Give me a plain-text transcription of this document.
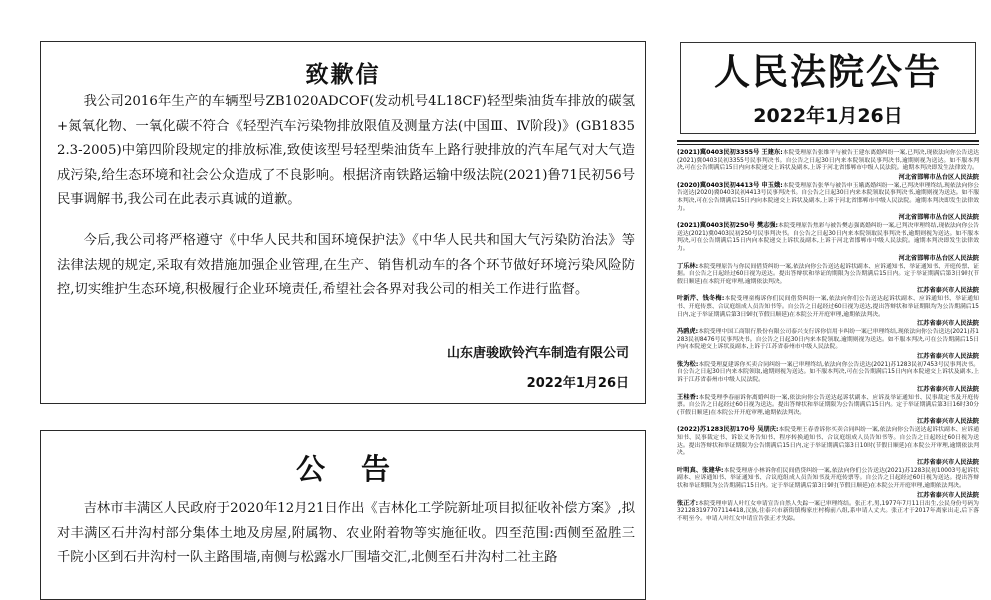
致歉信

我公司2016年生产的车辆型号ZB1020ADCOF(发动机号4L18CF)轻型柴油货车排放的碳氢+氮氧化物、一氧化碳不符合《轻型汽车污染物排放限值及测量方法(中国Ⅲ、Ⅳ阶段)》(GB18352.3-2005)中第四阶段规定的排放标准,致使该型号轻型柴油货车上路行驶排放的汽车尾气对大气造成污染,给生态环境和社会公众造成了不良影响。根据济南铁路运输中级法院(2021)鲁71民初56号民事调解书,我公司在此表示真诚的道歉。

今后,我公司将严格遵守《中华人民共和国环境保护法》《中华人民共和国大气污染防治法》等法律法规的规定,采取有效措施加强企业管理,在生产、销售机动车的各个环节做好环境污染风险防控,切实维护生态环境,积极履行企业环境责任,希望社会各界对我公司的相关工作进行监督。

山东唐骏欧铃汽车制造有限公司
2022年1月26日
公告

吉林市丰满区人民政府于2020年12月21日作出《吉林化工学院新址项目拟征收补偿方案》,拟对丰满区石井沟村部分集体土地及房屋,附属物、农业附着物等实施征收。四至范围:西侧至盈胜三千院小区到石井沟村一队主路围墙,南侧与松露水厂围墙交汇,北侧至石井沟村二社主路

人民法院公告
2022年1月26日
(2021)冀0403民初3355号 王建东:本院受理原告张维平与被告王建东离婚纠纷一案,已判决,现依法向你公告送达(2021)冀0403民初3355号民事判决书。自公告之日起30日内来本院领取民事判决书,逾期则视为送达。如不服本判决,可在公告期满后15日内向本院递交上诉状及副本,上诉于河北省邯郸市中级人民法院。逾期本判决即发生法律效力。
河北省邯郸市丛台区人民法院
(2020)冀0403民初4413号 申玉娥:本院受理原告张华与被告申玉娥离婚纠纷一案,已判决审理终结,现依法向你公告送达(2020)冀0403民初4413号民事判决书。自公告之日起30日内来本院领取民事判决书,逾期则视为送达。如不服本判决,可在公告期满后15日内向本院递交上诉状及副本,上诉于河北省邯郸市中级人民法院。逾期本判决即发生法律效力。
河北省邯郸市丛台区人民法院
(2021)冀0403民初250号 樊志强:本院受理原告焦彩与被告樊志强离婚纠纷一案,已判决审理终结,现依法向你公告送达(2021)冀0403民初250号民事判决书。自公告之日起30日内来本院领取民事判决书,逾期则视为送达。如不服本判决,可在公告期满后15日内向本院递交上诉状及副本,上诉于河北省邯郸市中级人民法院。逾期本判决即发生法律效力。
河北省邯郸市丛台区人民法院
丁乐林:本院受理原告与你民间借贷纠纷一案,依法向你公告送达起诉状副本、应诉通知书、举证通知书、开庭传票、证据。自公告之日起经过60日视为送达。提出答辩状和举证的期限为公告期满后15日内。定于举证期满后第3日9时(节假日顺延)在本院开庭审理,逾期依法判决。
江苏省泰兴市人民法院
叶新芹、钱冬梅:本院受理童梅诉你们民间借贷纠纷一案,依法向你们公告送达起诉状副本、应诉通知书、举证通知书、开庭传票、合议庭组成人员告知书等。自公告之日起经过60日视为送达,提出答辩状和举证期限均为公告期满后15日内,定于举证期满后第3日9时(节假日顺延)在本院公开开庭审理,逾期依法判决。
江苏省泰兴市人民法院
冯鸥虎:本院受理中国工商银行股份有限公司泰兴支行诉你信用卡纠纷一案已审理终结,现依法向你公告送达(2021)苏1283民初8476号民事判决书。自公告之日起30日内来本院领取,逾期则视为送达。如不服本判决,可在公告期满后15日内向本院递交上诉状及副本,上诉于江苏省泰州市中级人民法院。
江苏省泰兴市人民法院
张为松:本院受理夏建诉你买卖合同纠纷一案已审理终结,依法向你公告送达(2021)苏1283民初7453号民事判决书。自公告之日起30日内来本院领取,逾期则视为送达。如不服本判决,可在公告期满后15日内向本院递交上诉状及副本,上诉于江苏省泰州市中级人民法院。
江苏省泰兴市人民法院
王桂香:本院受理季春丽诉你离婚纠纷一案,依法向你公告送达起诉状副本、应诉及举证通知书、民事裁定书及开庭传票。自公告之日起经过60日视为送达。提出答辩状和举证期限为公告期满后15日内。定于举证期满后第3日16时30分(节假日顺延)在本院公开开庭审理,逾期依法判决。
江苏省泰兴市人民法院
(2022)苏1283民初170号 吴朋庆:本院受理王春香诉你买卖合同纠纷一案,依法向你公告送达起诉状副本、应诉通知书、民事裁定书、诉讼义务告知书、程序转换通知书、合议庭组成人员告知书等。自公告之日起经过60日视为送达。提出答辩状和举证期限为公告期满后15日内,定于举证期满后第3日10时(节假日顺延)在本院公开审理,逾期依法判决。
江苏省泰兴市人民法院
叶明真、张建华:本院受理唐小林诉你们民间借贷纠纷一案,依法向你们公告送达(2021)苏1283民初10003号起诉状副本、应诉通知书、举证通知书、合议庭组成人员告知书及开庭传票等。自公告之日起经过60日视为送达。提出答辩状和举证期限为公告期满后15日内。定于举证期满后第3日9时(节假日顺延)在本院公开开庭审理,逾期依法判决。
江苏省泰兴市人民法院
张正才:本院受理申请人叶红女申请宣告自然人失踪一案已审理终结。张正才,男,1977年7月11日出生,公民身份号码为321283197707114418,汉族,住泰兴市新街镇梅家庄村梅前八组,系申请人丈夫。张正才于2017年离家出走,后下落不明至今。申请人叶红女申请宣告张正才失踪。
